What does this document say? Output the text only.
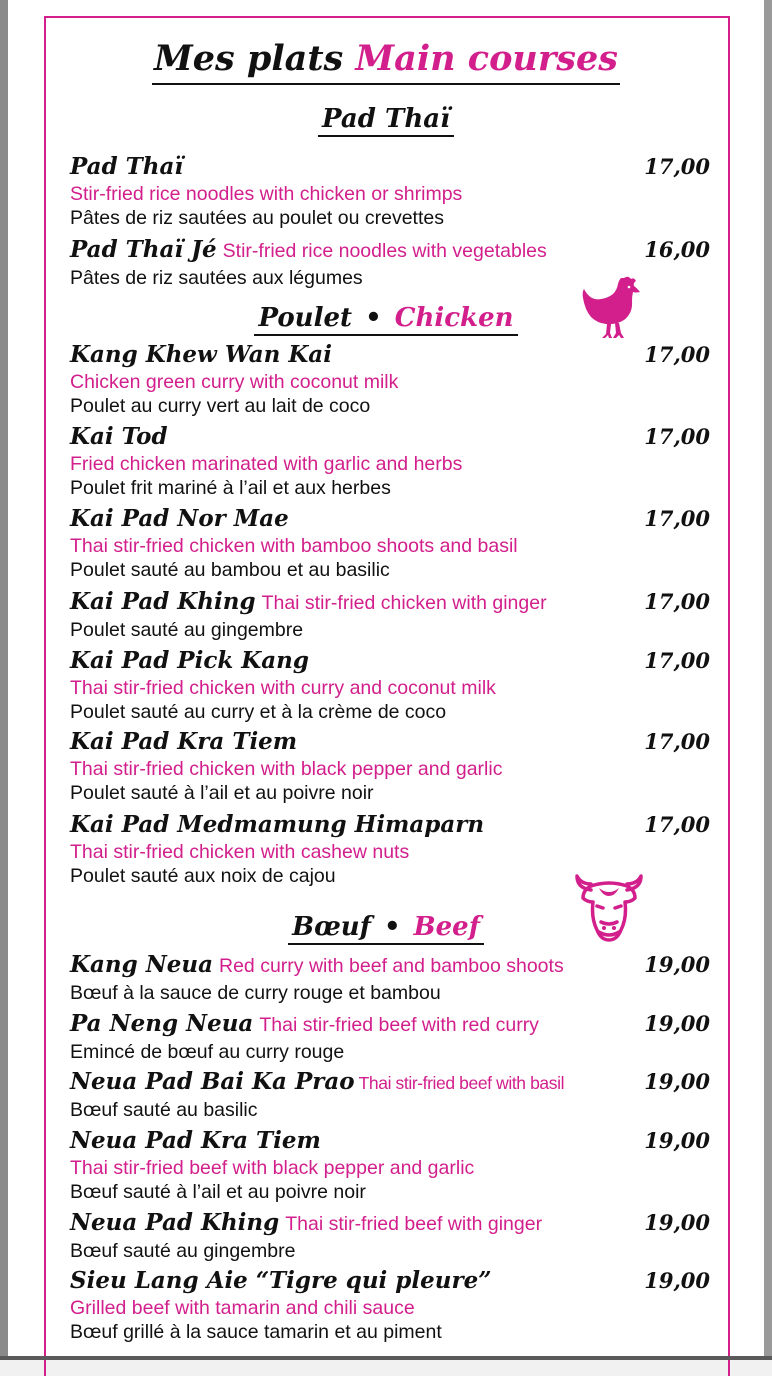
Mes plats Main courses
Pad Thaï
Pad Thaï	17,00
Stir-fried rice noodles with chicken or shrimps
Pâtes de riz sautées au poulet ou crevettes
Pad Thaï Jé Stir-fried rice noodles with vegetables	16,00
Pâtes de riz sautées aux légumes
Poulet • Chicken
Kang Khew Wan Kai	17,00
Chicken green curry with coconut milk
Poulet au curry vert au lait de coco
Kai Tod	17,00
Fried chicken marinated with garlic and herbs
Poulet frit mariné à l’ail et aux herbes
Kai Pad Nor Mae	17,00
Thai stir-fried chicken with bamboo shoots and basil
Poulet sauté au bambou et au basilic
Kai Pad Khing Thai stir-fried chicken with ginger	17,00
Poulet sauté au gingembre
Kai Pad Pick Kang	17,00
Thai stir-fried chicken with curry and coconut milk
Poulet sauté au curry et à la crème de coco
Kai Pad Kra Tiem	17,00
Thai stir-fried chicken with black pepper and garlic
Poulet sauté à l’ail et au poivre noir
Kai Pad Medmamung Himaparn	17,00
Thai stir-fried chicken with cashew nuts
Poulet sauté aux noix de cajou
Bœuf • Beef
Kang Neua Red curry with beef and bamboo shoots	19,00
Bœuf à la sauce de curry rouge et bambou
Pa Neng Neua Thai stir-fried beef with red curry	19,00
Emincé de bœuf au curry rouge
Neua Pad Bai Ka Prao Thai stir-fried beef with basil	19,00
Bœuf sauté au basilic
Neua Pad Kra Tiem	19,00
Thai stir-fried beef with black pepper and garlic
Bœuf sauté à l’ail et au poivre noir
Neua Pad Khing Thai stir-fried beef with ginger	19,00
Bœuf sauté au gingembre
Sieu Lang Aie “Tigre qui pleure”	19,00
Grilled beef with tamarin and chili sauce
Bœuf grillé à la sauce tamarin et au piment
